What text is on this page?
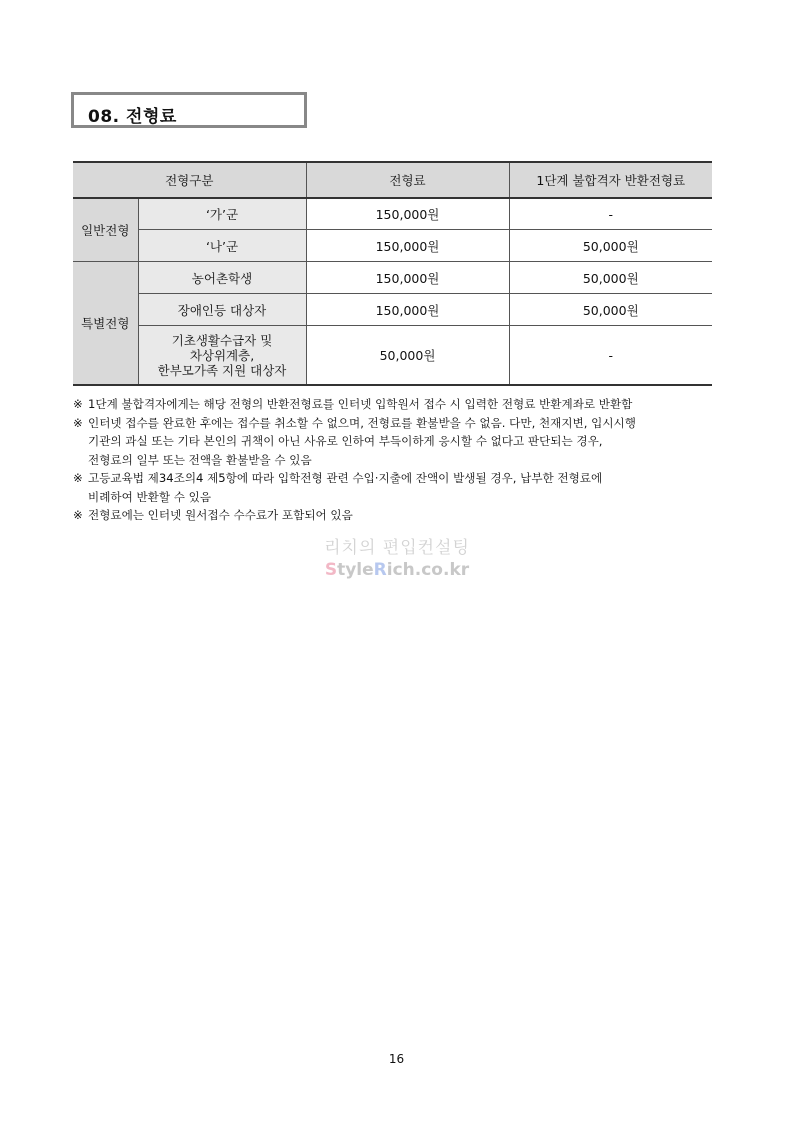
08. 전형료
전형구분		전형료	1단계 불합격자 반환전형료
일반전형	‘가’군	150,000원	-
	‘나’군	150,000원	50,000원
특별전형	농어촌학생	150,000원	50,000원
	장애인등 대상자	150,000원	50,000원

	기초생활수급자 및
차상위계층,
한부모가족 지원 대상자	50,000원	-
※ 1단계 불합격자에게는 해당 전형의 반환전형료를 인터넷 입학원서 접수 시 입력한 전형료 반환계좌로 반환함
※ 인터넷 접수를 완료한 후에는 접수를 취소할 수 없으며, 전형료를 환불받을 수 없음. 다만, 천재지변, 입시시행
기관의 과실 또는 기타 본인의 귀책이 아닌 사유로 인하여 부득이하게 응시할 수 없다고 판단되는 경우,
전형료의 일부 또는 전액을 환불받을 수 있음
※ 고등교육법 제34조의4 제5항에 따라 입학전형 관련 수입·지출에 잔액이 발생될 경우, 납부한 전형료에
비례하여 반환할 수 있음
※ 전형료에는 인터넷 원서접수 수수료가 포함되어 있음
리치의 편입컨설팅
StyleRich.co.kr
16
